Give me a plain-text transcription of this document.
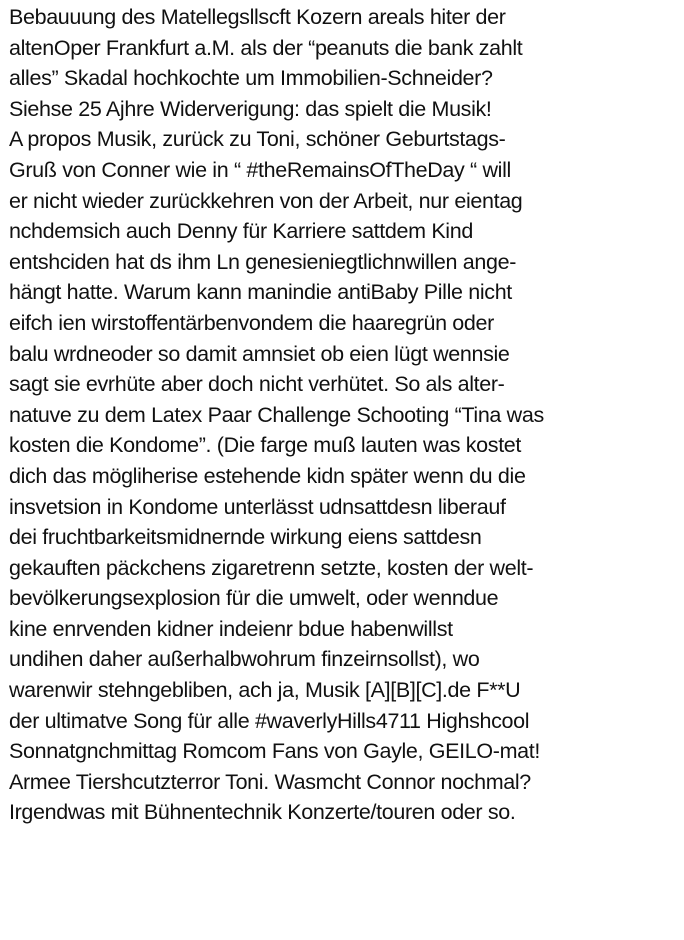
Bebauuung des Matellegsllscft Kozern areals hiter der
altenOper Frankfurt a.M. als der “peanuts die bank zahlt
alles” Skadal hochkochte um Immobilien-Schneider?
Siehse 25 Ajhre Widerverigung: das spielt die Musik!
A propos Musik, zurück zu Toni, schöner Geburtstags-
Gruß von Conner wie in “ #theRemainsOfTheDay “ will
er nicht wieder zurückkehren von der Arbeit, nur eientag
nchdemsich auch Denny für Karriere sattdem Kind
entshciden hat ds ihm Ln genesieniegtlichnwillen ange-
hängt hatte. Warum kann manindie antiBaby Pille nicht
eifch ien wirstoffentärbenvondem die haaregrün oder
balu wrdneoder so damit amnsiet ob eien lügt wennsie
sagt sie evrhüte aber doch nicht verhütet. So als alter-
natuve zu dem Latex Paar Challenge Schooting “Tina was
kosten die Kondome”. (Die farge muß lauten was kostet
dich das mögliherise estehende kidn später wenn du die
insvetsion in Kondome unterlässt udnsattdesn liberauf
dei fruchtbarkeitsmidnernde wirkung eiens sattdesn
gekauften päckchens zigaretrenn setzte, kosten der welt-
bevölkerungsexplosion für die umwelt, oder wenndue
kine enrvenden kidner indeienr bdue habenwillst
undihen daher außerhalbwohrum finzeirnsollst), wo
warenwir stehngebliben, ach ja, Musik [A][B][C].de F**U
der ultimatve Song für alle #waverlyHills4711 Highshcool
Sonnatgnchmittag Romcom Fans von Gayle, GEILO-mat!
Armee Tiershcutzterror Toni. Wasmcht Connor nochmal?
Irgendwas mit Bühnentechnik Konzerte/touren oder so.
